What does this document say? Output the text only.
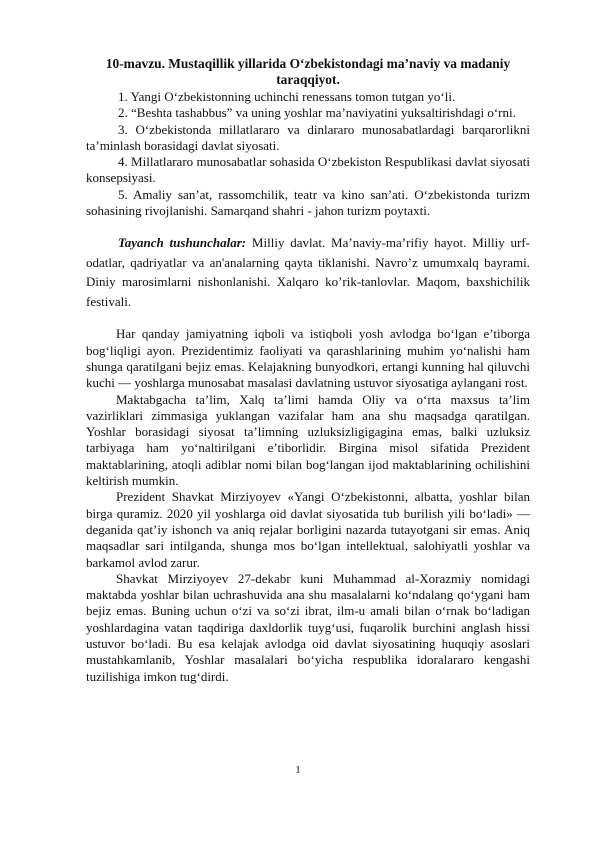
10-mavzu. Mustaqillik yillarida O‘zbekistondagi ma’naviy va madaniy taraqqiyot.

1. Yangi O‘zbekistonning uchinchi renessans tomon tutgan yo‘li.

2. “Beshta tashabbus” va uning yoshlar ma’naviyatini yuksaltirishdagi o‘rni.

3. O‘zbekistonda millatlararo va dinlararo munosabatlardagi barqarorlikni ta’minlash borasidagi davlat siyosati.

4. Millatlararo munosabatlar sohasida O‘zbekiston Respublikasi davlat siyosati konsepsiyasi.

5. Amaliy san’at, rassomchilik, teatr va kino san’ati. O‘zbekistonda turizm sohasining rivojlanishi. Samarqand shahri - jahon turizm poytaxti.

Tayanch tushunchalar: Milliy davlat. Ma’naviy-ma’rifiy hayot. Milliy urf-odatlar, qadriyatlar va an'analarning qayta tiklanishi. Navro’z umumxalq bayrami. Diniy marosimlarni nishonlanishi. Xalqaro ko’rik-tanlovlar. Maqom, baxshichilik festivali.

Har qanday jamiyatning iqboli va istiqboli yosh avlodga bo‘lgan e’tiborga bog‘liqligi ayon. Prezidentimiz faoliyati va qarashlarining muhim yo‘nalishi ham shunga qaratilgani bejiz emas. Kelajakning bunyodkori, ertangi kunning hal qiluvchi kuchi — yoshlarga munosabat masalasi davlatning ustuvor siyosatiga aylangani rost.

Maktabgacha ta’lim, Xalq ta’limi hamda Oliy va o‘rta maxsus ta’lim vazirliklari zimmasiga yuklangan vazifalar ham ana shu maqsadga qaratilgan. Yoshlar borasidagi siyosat ta’limning uzluksizligigagina emas, balki uzluksiz tarbiyaga ham yo‘naltirilgani e’tiborlidir. Birgina misol sifatida Prezident maktablarining, atoqli adiblar nomi bilan bog‘langan ijod maktablarining ochilishini keltirish mumkin.

Prezident Shavkat Mirziyoyev «Yangi O‘zbekistonni, albatta, yoshlar bilan birga quramiz. 2020 yil yoshlarga oid davlat siyosatida tub burilish yili bo‘ladi» — deganida qat’iy ishonch va aniq rejalar borligini nazarda tutayotgani sir emas. Aniq maqsadlar sari intilganda, shunga mos bo‘lgan intellektual, salohiyatli yoshlar va barkamol avlod zarur.

Shavkat Mirziyoyev 27-dekabr kuni Muhammad al-Xorazmiy nomidagi maktabda yoshlar bilan uchrashuvida ana shu masalalarni ko‘ndalang qo‘ygani ham bejiz emas. Buning uchun o‘zi va so‘zi ibrat, ilm-u amali bilan o‘rnak bo‘ladigan yoshlardagina vatan taqdiriga daxldorlik tuyg‘usi, fuqarolik burchini anglash hissi ustuvor bo‘ladi. Bu esa kelajak avlodga oid davlat siyosatining huquqiy asoslari mustahkamlanib, Yoshlar masalalari bo‘yicha respublika idoralararo kengashi tuzilishiga imkon tug‘dirdi.

1
